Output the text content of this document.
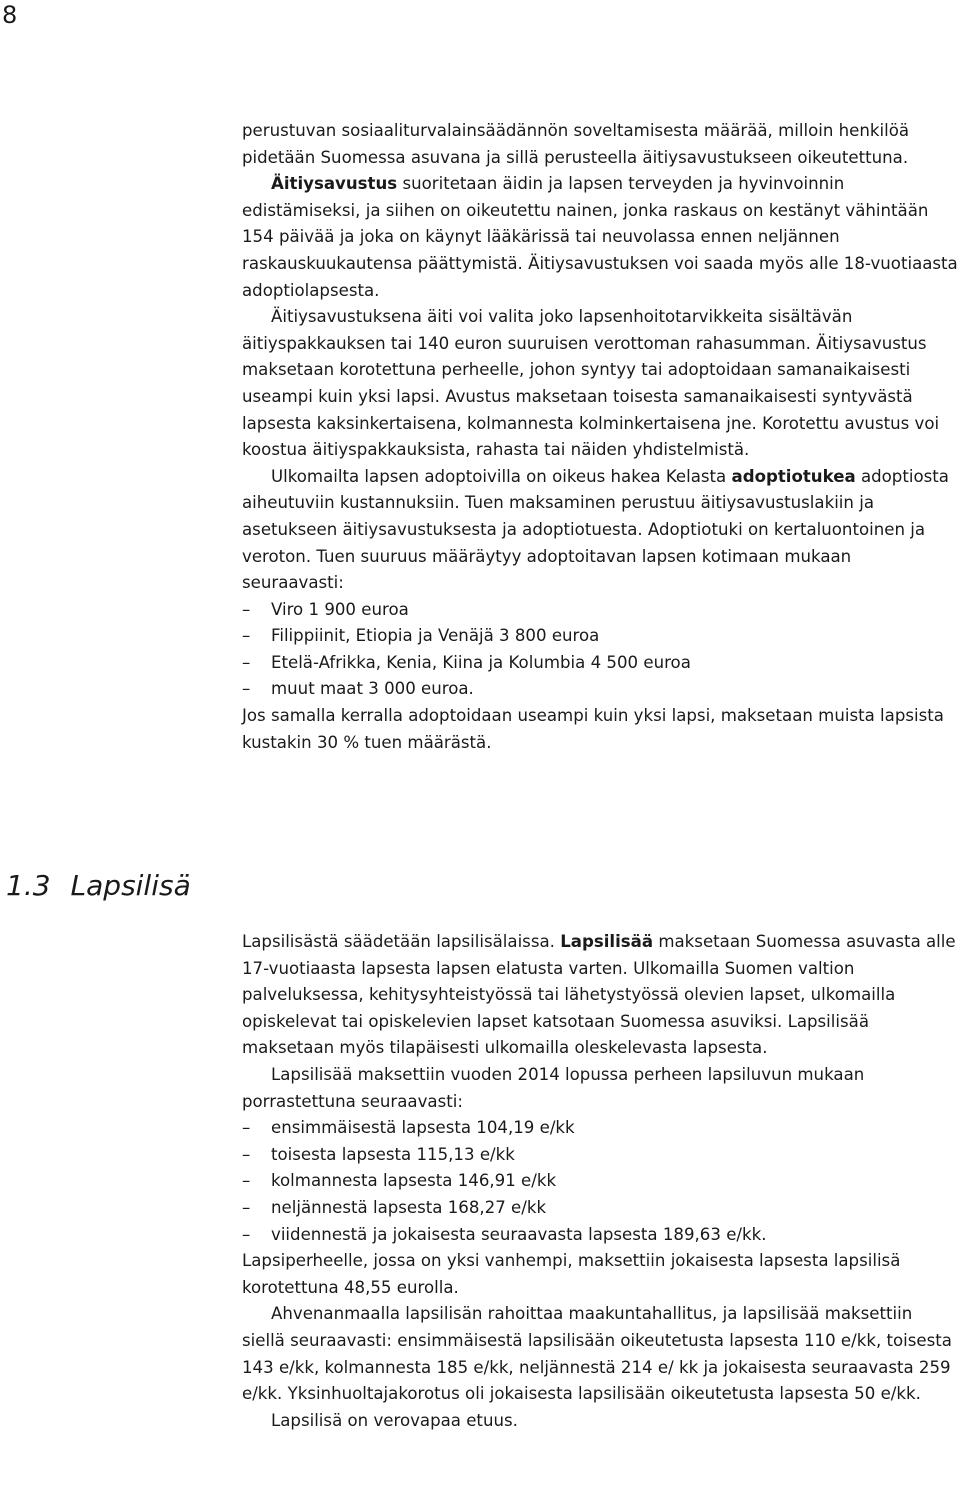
8

perustuvan sosiaaliturvalainsäädännön soveltamisesta määrää, milloin henkilöä pidetään Suomessa asuvana ja sillä perusteella äitiysavustukseen oikeutettuna.

Äitiysavustus suoritetaan äidin ja lapsen terveyden ja hyvinvoinnin edistämiseksi, ja siihen on oikeutettu nainen, jonka raskaus on kestänyt vähintään 154 päivää ja joka on käynyt lääkärissä tai neuvolassa ennen neljännen raskauskuukautensa päättymistä. Äitiysavustuksen voi saada myös alle 18-vuotiaasta adoptiolapsesta.

Äitiysavustuksena äiti voi valita joko lapsenhoitotarvikkeita sisältävän äitiyspakkauksen tai 140 euron suuruisen verottoman rahasumman. Äitiysavustus maksetaan korotettuna perheelle, johon syntyy tai adoptoidaan samanaikaisesti useampi kuin yksi lapsi. Avustus maksetaan toisesta samanaikaisesti syntyvästä lapsesta kaksinkertaisena, kolmannesta kolminkertaisena jne. Korotettu avustus voi koostua äitiyspakkauksista, rahasta tai näiden yhdistelmistä.

Ulkomailta lapsen adoptoivilla on oikeus hakea Kelasta adoptiotukea adoptiosta aiheutuviin kustannuksiin. Tuen maksaminen perustuu äitiysavustuslakiin ja asetukseen äitiysavustuksesta ja adoptiotuesta. Adoptiotuki on kertaluontoinen ja veroton. Tuen suuruus määräytyy adoptoitavan lapsen kotimaan mukaan seuraavasti:

– Viro 1 900 euroa
– Filippiinit, Etiopia ja Venäjä 3 800 euroa
– Etelä-Afrikka, Kenia, Kiina ja Kolumbia 4 500 euroa
– muut maat 3 000 euroa.

Jos samalla kerralla adoptoidaan useampi kuin yksi lapsi, maksetaan muista lapsista kustakin 30 % tuen määrästä.

1.3 Lapsilisä

Lapsilisästä säädetään lapsilisälaissa. Lapsilisää maksetaan Suomessa asuvasta alle 17-vuotiaasta lapsesta lapsen elatusta varten. Ulkomailla Suomen valtion palveluksessa, kehitysyhteistyössä tai lähetystyössä olevien lapset, ulkomailla opiskelevat tai opiskelevien lapset katsotaan Suomessa asuviksi. Lapsilisää maksetaan myös tilapäisesti ulkomailla oleskelevasta lapsesta.

Lapsilisää maksettiin vuoden 2014 lopussa perheen lapsiluvun mukaan porrastettuna seuraavasti:

– ensimmäisestä lapsesta 104,19 e/kk
– toisesta lapsesta 115,13 e/kk
– kolmannesta lapsesta 146,91 e/kk
– neljännestä lapsesta 168,27 e/kk
– viidennestä ja jokaisesta seuraavasta lapsesta 189,63 e/kk.

Lapsiperheelle, jossa on yksi vanhempi, maksettiin jokaisesta lapsesta lapsilisä korotettuna 48,55 eurolla.

Ahvenanmaalla lapsilisän rahoittaa maakuntahallitus, ja lapsilisää maksettiin siellä seuraavasti: ensimmäisestä lapsilisään oikeutetusta lapsesta 110 e/kk, toisesta 143 e/kk, kolmannesta 185 e/kk, neljännestä 214 e/ kk ja jokaisesta seuraavasta 259 e/kk. Yksinhuoltajakorotus oli jokaisesta lapsilisään oikeutetusta lapsesta 50 e/kk.

Lapsilisä on verovapaa etuus.
